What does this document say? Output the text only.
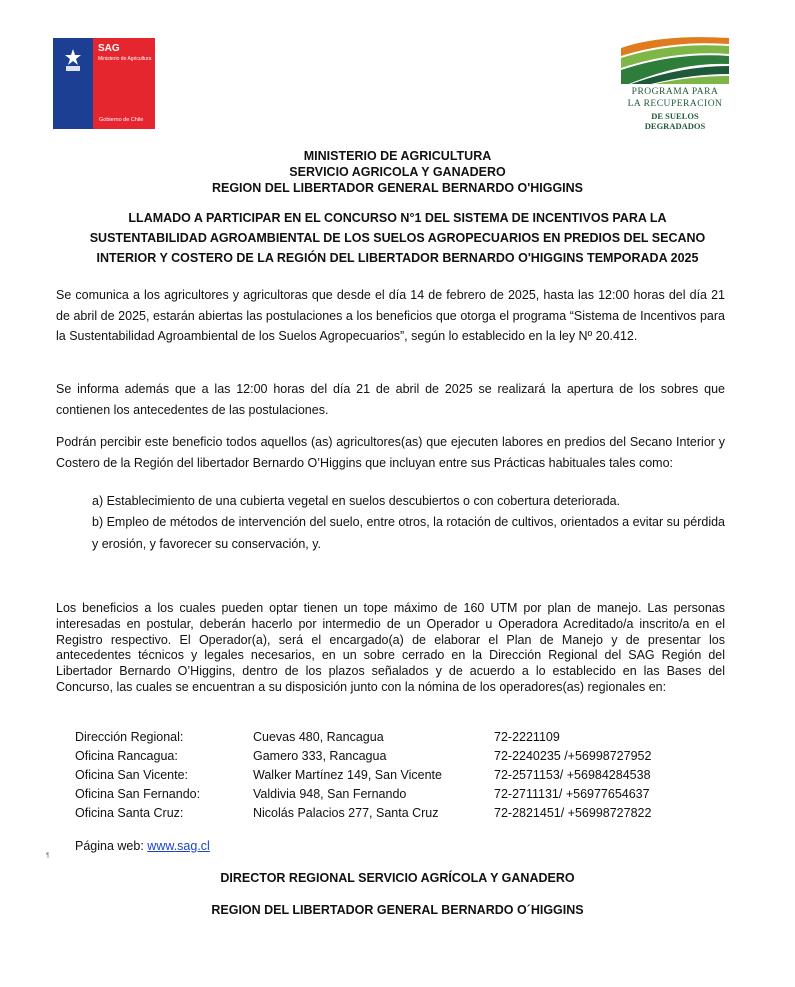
SAG
Ministerio de Agricultura
Gobierno de Chile
PROGRAMA PARA
LA RECUPERACION
DE SUELOS DEGRADADOS
MINISTERIO DE AGRICULTURA
SERVICIO AGRICOLA Y GANADERO
REGION DEL LIBERTADOR GENERAL BERNARDO O'HIGGINS
LLAMADO A PARTICIPAR EN EL CONCURSO N°1 DEL SISTEMA DE INCENTIVOS PARA LA
SUSTENTABILIDAD AGROAMBIENTAL DE LOS SUELOS AGROPECUARIOS EN PREDIOS DEL SECANO
INTERIOR Y COSTERO DE LA REGIÓN DEL LIBERTADOR BERNARDO O'HIGGINS TEMPORADA 2025
Se comunica a los agricultores y agricultoras que desde el día 14 de febrero de 2025, hasta las 12:00 horas del día 21 de abril de 2025, estarán abiertas las postulaciones a los beneficios que otorga el programa “Sistema de Incentivos para la Sustentabilidad Agroambiental de los Suelos Agropecuarios”, según lo establecido en la ley Nº 20.412.
Se informa además que a las 12:00 horas del día 21 de abril de 2025 se realizará la apertura de los sobres que contienen los antecedentes de las postulaciones.
Podrán percibir este beneficio todos aquellos (as) agricultores(as) que ejecuten labores en predios del Secano Interior y Costero de la Región del libertador Bernardo O’Higgins que incluyan entre sus Prácticas habituales tales como:
a) Establecimiento de una cubierta vegetal en suelos descubiertos o con cobertura deteriorada.
b) Empleo de métodos de intervención del suelo, entre otros, la rotación de cultivos, orientados a evitar su pérdida y erosión, y favorecer su conservación, y.
Los beneficios a los cuales pueden optar tienen un tope máximo de 160 UTM por plan de manejo. Las personas interesadas en postular, deberán hacerlo por intermedio de un Operador u Operadora Acreditado/a inscrito/a en el Registro respectivo. El Operador(a), será el encargado(a) de elaborar el Plan de Manejo y de presentar los antecedentes técnicos y legales necesarios, en un sobre cerrado en la Dirección Regional del SAG Región del Libertador Bernardo O’Higgins, dentro de los plazos señalados y de acuerdo a lo establecido en las Bases del Concurso, las cuales se encuentran a su disposición junto con la nómina de los operadores(as) regionales en:
Dirección Regional:	Cuevas 480, Rancagua	72-2221109
Oficina Rancagua:	Gamero 333, Rancagua	72-2240235 /+56998727952
Oficina San Vicente:	Walker Martínez 149, San Vicente	72-2571153/ +56984284538
Oficina San Fernando:	Valdivia 948, San Fernando	72-2711131/ +56977654637
Oficina Santa Cruz:	Nicolás Palacios 277, Santa Cruz	72-2821451/ +56998727822
Página web: www.sag.cl
¶
DIRECTOR REGIONAL SERVICIO AGRÍCOLA Y GANADERO
REGION DEL LIBERTADOR GENERAL BERNARDO O´HIGGINS
